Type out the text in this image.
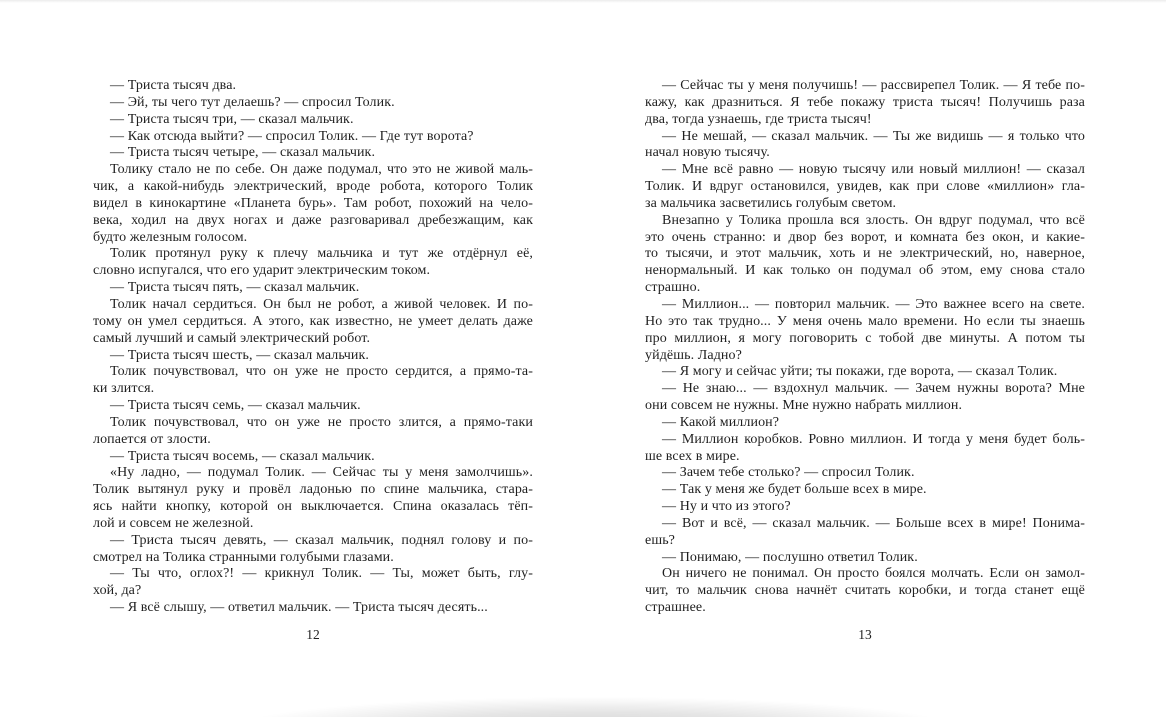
— Триста тысяч два.
— Эй, ты чего тут делаешь? — спросил Толик.
— Триста тысяч три, — сказал мальчик.
— Как отсюда выйти? — спросил Толик. — Где тут ворота?
— Триста тысяч четыре, — сказал мальчик.
Толику стало не по себе. Он даже подумал, что это не живой маль-
чик, а какой-нибудь электрический, вроде робота, которого Толик
видел в кинокартине «Планета бурь». Там робот, похожий на чело-
века, ходил на двух ногах и даже разговаривал дребезжащим, как
будто железным голосом.
Толик протянул руку к плечу мальчика и тут же отдёрнул её,
словно испугался, что его ударит электрическим током.
— Триста тысяч пять, — сказал мальчик.
Толик начал сердиться. Он был не робот, а живой человек. И по-
тому он умел сердиться. А этого, как известно, не умеет делать даже
самый лучший и самый электрический робот.
— Триста тысяч шесть, — сказал мальчик.
Толик почувствовал, что он уже не просто сердится, а прямо-та-
ки злится.
— Триста тысяч семь, — сказал мальчик.
Толик почувствовал, что он уже не просто злится, а прямо-таки
лопается от злости.
— Триста тысяч восемь, — сказал мальчик.
«Ну ладно, — подумал Толик. — Сейчас ты у меня замолчишь».
Толик вытянул руку и провёл ладонью по спине мальчика, стара-
ясь найти кнопку, которой он выключается. Спина оказалась тёп-
лой и совсем не железной.
— Триста тысяч девять, — сказал мальчик, поднял голову и по-
смотрел на Толика странными голубыми глазами.
— Ты что, оглох?! — крикнул Толик. — Ты, может быть, глу-
хой, да?
— Я всё слышу, — ответил мальчик. — Триста тысяч десять...
— Сейчас ты у меня получишь! — рассвирепел Толик. — Я тебе по-
кажу, как дразниться. Я тебе покажу триста тысяч! Получишь раза
два, тогда узнаешь, где триста тысяч!
— Не мешай, — сказал мальчик. — Ты же видишь — я только что
начал новую тысячу.
— Мне всё равно — новую тысячу или новый миллион! — сказал
Толик. И вдруг остановился, увидев, как при слове «миллион» гла-
за мальчика засветились голубым светом.
Внезапно у Толика прошла вся злость. Он вдруг подумал, что всё
это очень странно: и двор без ворот, и комната без окон, и какие-
то тысячи, и этот мальчик, хоть и не электрический, но, наверное,
ненормальный. И как только он подумал об этом, ему снова стало
страшно.
— Миллион... — повторил мальчик. — Это важнее всего на свете.
Но это так трудно... У меня очень мало времени. Но если ты знаешь
про миллион, я могу поговорить с тобой две минуты. А потом ты
уйдёшь. Ладно?
— Я могу и сейчас уйти; ты покажи, где ворота, — сказал Толик.
— Не знаю... — вздохнул мальчик. — Зачем нужны ворота? Мне
они совсем не нужны. Мне нужно набрать миллион.
— Какой миллион?
— Миллион коробков. Ровно миллион. И тогда у меня будет боль-
ше всех в мире.
— Зачем тебе столько? — спросил Толик.
— Так у меня же будет больше всех в мире.
— Ну и что из этого?
— Вот и всё, — сказал мальчик. — Больше всех в мире! Понима-
ешь?
— Понимаю, — послушно ответил Толик.
Он ничего не понимал. Он просто боялся молчать. Если он замол-
чит, то мальчик снова начнёт считать коробки, и тогда станет ещё
страшнее.
12	13
